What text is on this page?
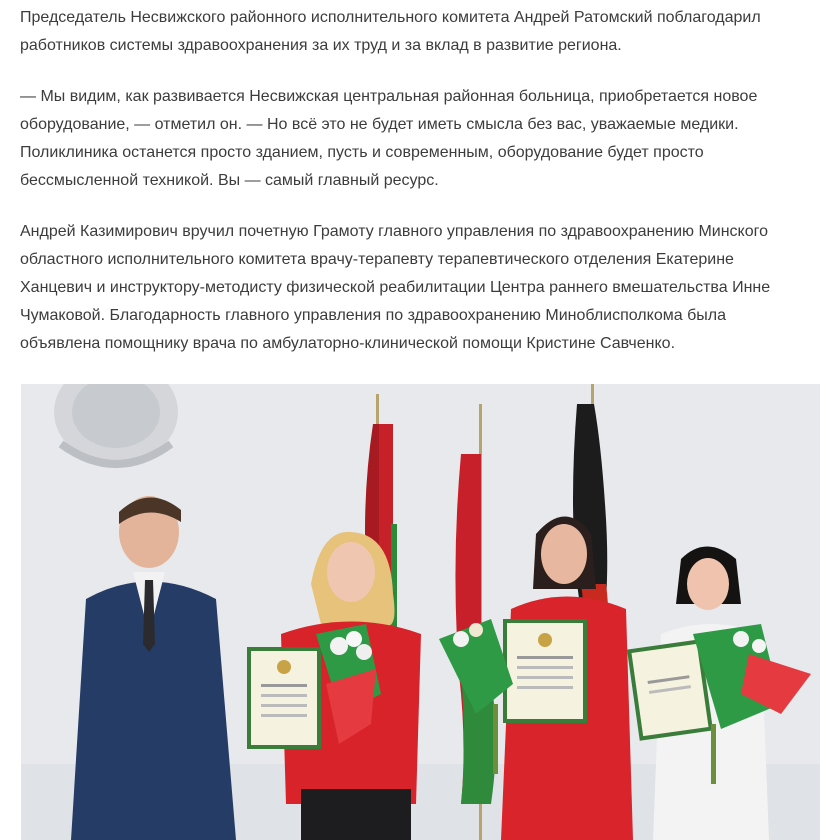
Председатель Несвижского районного исполнительного комитета Андрей Ратомский поблагодарил
работников системы здравоохранения за их труд и за вклад в развитие региона.

— Мы видим, как развивается Несвижская центральная районная больница, приобретается новое
оборудование, — отметил он. — Но всё это не будет иметь смысла без вас, уважаемые медики.
Поликлиника останется просто зданием, пусть и современным, оборудование будет просто
бессмысленной техникой. Вы — самый главный ресурс.

Андрей Казимирович вручил почетную Грамоту главного управления по здравоохранению Минского
областного исполнительного комитета врачу-терапевту терапевтического отделения Екатерине
Ханцевич и инструктору-методисту физической реабилитации Центра раннего вмешательства Инне
Чумаковой. Благодарность главного управления по здравоохранению Миноблисполкома была
объявлена помощнику врача по амбулаторно-клинической помощи Кристине Савченко.
